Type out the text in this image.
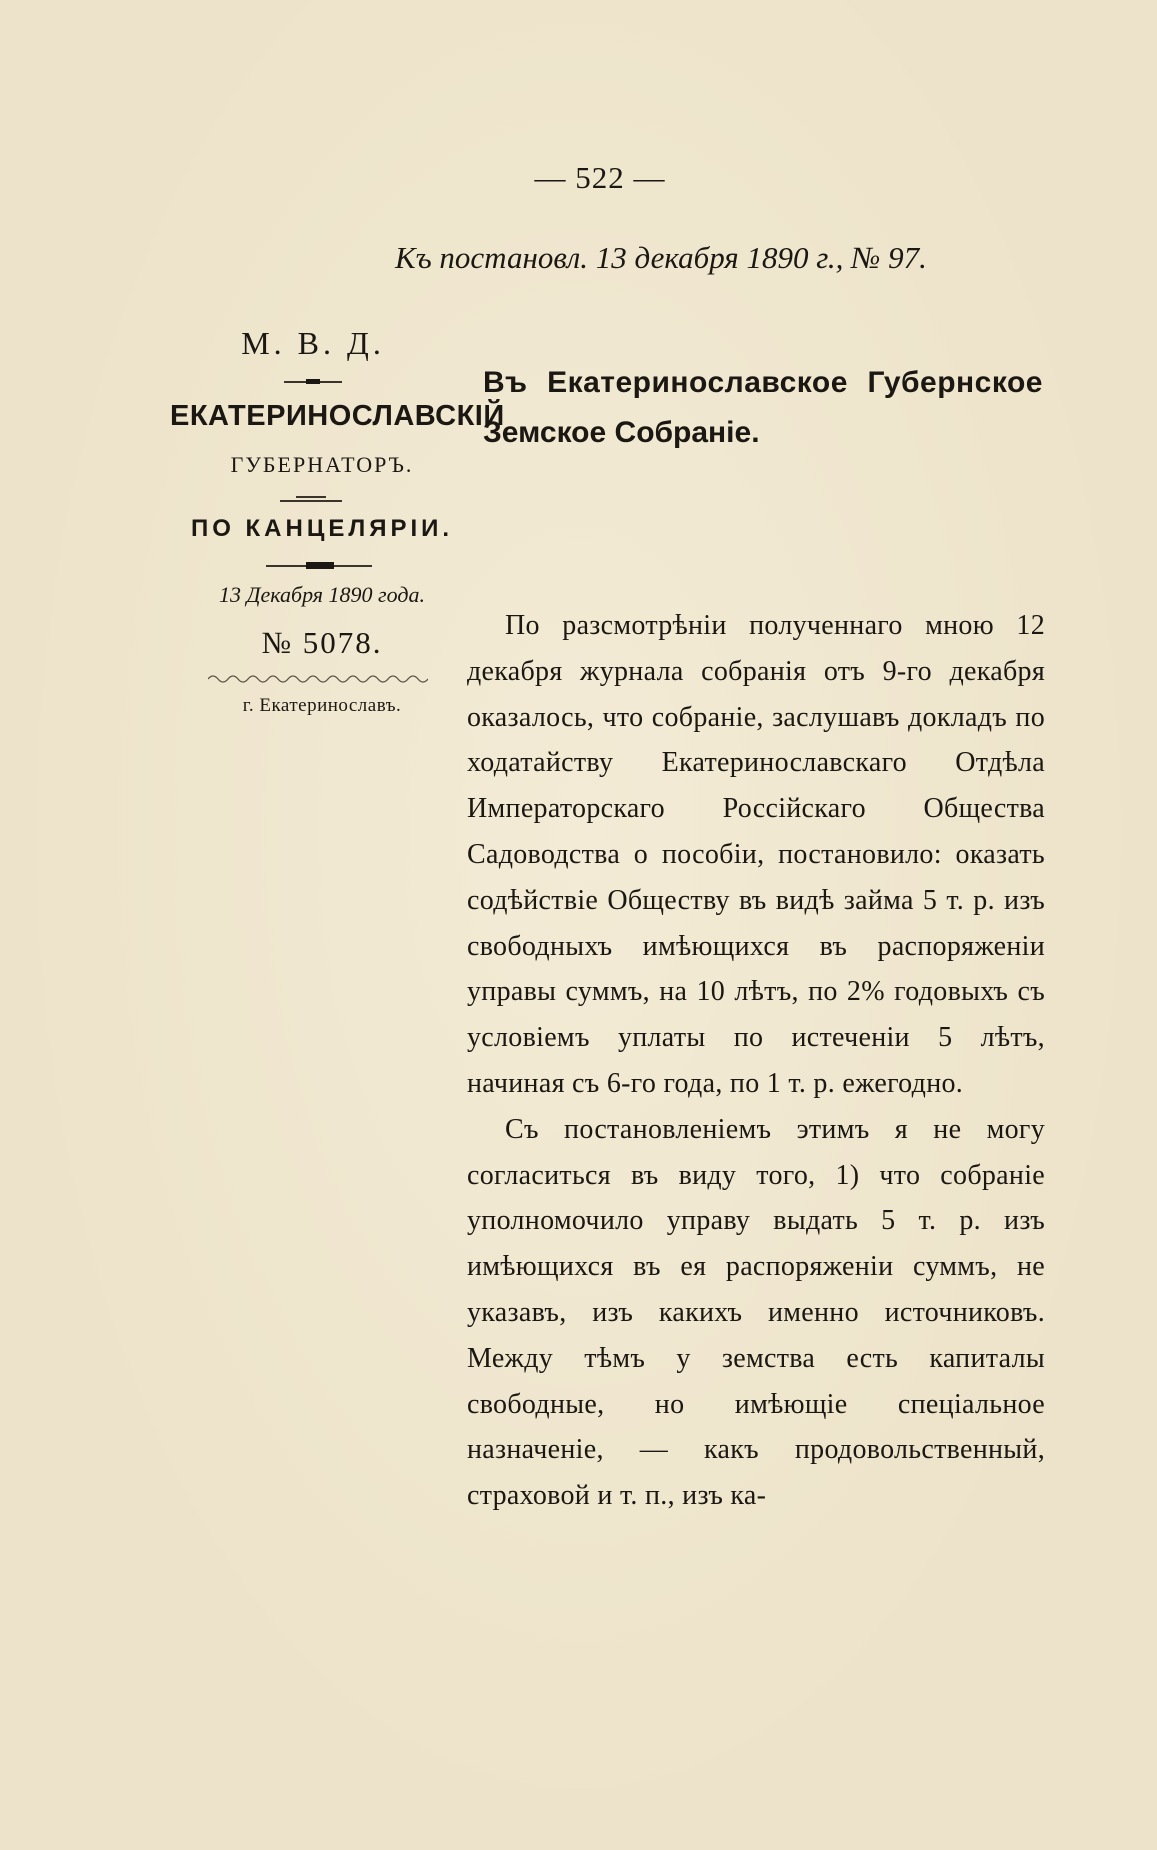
— 522 —
Къ постановл. 13 декабря 1890 г., № 97.
М. В. Д.
ЕКАТЕРИНОСЛАВСКІЙ
ГУБЕРНАТОРЪ.
ПО КАНЦЕЛЯРІИ.
13 Декабря 1890 года.
№ 5078.
г. Екатеринославъ.
Въ Екатеринославское Губернское
Земское Собраніе.

По разсмотрѣніи полученнаго мною 12 декабря журнала собранія отъ 9-го декабря оказалось, что собраніе, заслушавъ докладъ по ходатайству Екатеринославскаго Отдѣла Императорскаго Россійскаго Общества Садоводства о пособіи, постановило: оказать содѣйствіе Обществу въ видѣ займа 5 т. р. изъ свободныхъ имѣющихся въ распоряженіи управы суммъ, на 10 лѣтъ, по 2% годовыхъ съ условіемъ уплаты по истеченіи 5 лѣтъ, начиная съ 6-го года, по 1 т. р. ежегодно.

Съ постановленіемъ этимъ я не могу согласиться въ виду того, 1) что собраніе уполномочило управу выдать 5 т. р. изъ имѣющихся въ ея распоряженіи суммъ, не указавъ, изъ какихъ именно источниковъ. Между тѣмъ у земства есть капиталы свободные, но имѣющіе спеціальное назначеніе, — какъ продовольственный, страховой и т. п., изъ ка-
